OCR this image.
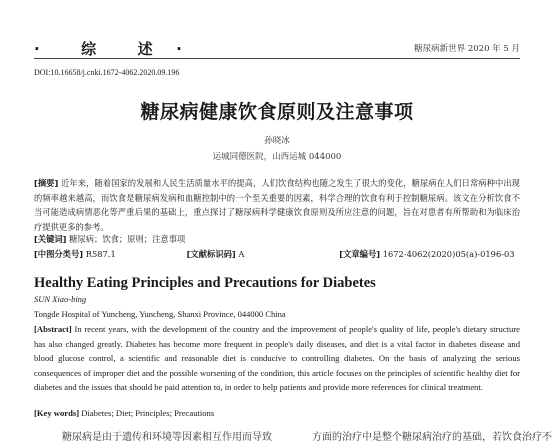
·	综	述 ·	糖尿病新世界 2020 年 5 月
DOI:10.16658/j.cnki.1672-4062.2020.09.196
糖尿病健康饮食原则及注意事项
孙晓冰
运城同德医院，山西运城 044000
[摘要] 近年来，随着国家的发展和人民生活质量水平的提高，人们饮食结构也随之发生了很大的变化，糖尿病在人们日常病种中出现的频率越来越高，而饮食是糖尿病发病和血糖控制中的一个至关重要的因素，科学合理的饮食有利于控制糖尿病。该文在分析饮食不当可能造成病情恶化等严重后果的基础上，重点探讨了糖尿病科学健康饮食原则及所应注意的问题，旨在对患者有所帮助和为临床治疗提供更多的参考。
[关键词] 糖尿病；饮食；原则；注意事项
[中图分类号] R587.1	[文献标识码] A	[文章编号] 1672-4062(2020)05(a)-0196-03
Healthy Eating Principles and Precautions for Diabetes
SUN Xiao-bing
Tongde Hospital of Yuncheng, Yuncheng, Shanxi Province, 044000 China
[Abstract] In recent years, with the development of the country and the improvement of people's quality of life, people's dietary structure has also changed greatly. Diabetes has become more frequent in people's daily diseases, and diet is a vital factor in diabetes disease and blood glucose control, a scientific and reasonable diet is conducive to controlling diabetes. On the basis of analyzing the serious consequences of improper diet and the possible worsening of the condition, this article focuses on the principles of scientific healthy diet for diabetes and the issues that should be paid attention to, in order to help patients and provide more references for clinical treatment.
[Key words] Diabetes; Diet; Principles; Precautions
糖尿病是由于遗传和环境等因素相互作用而导致	方面的治疗中是整个糖尿病治疗的基础，若饮食治疗不
